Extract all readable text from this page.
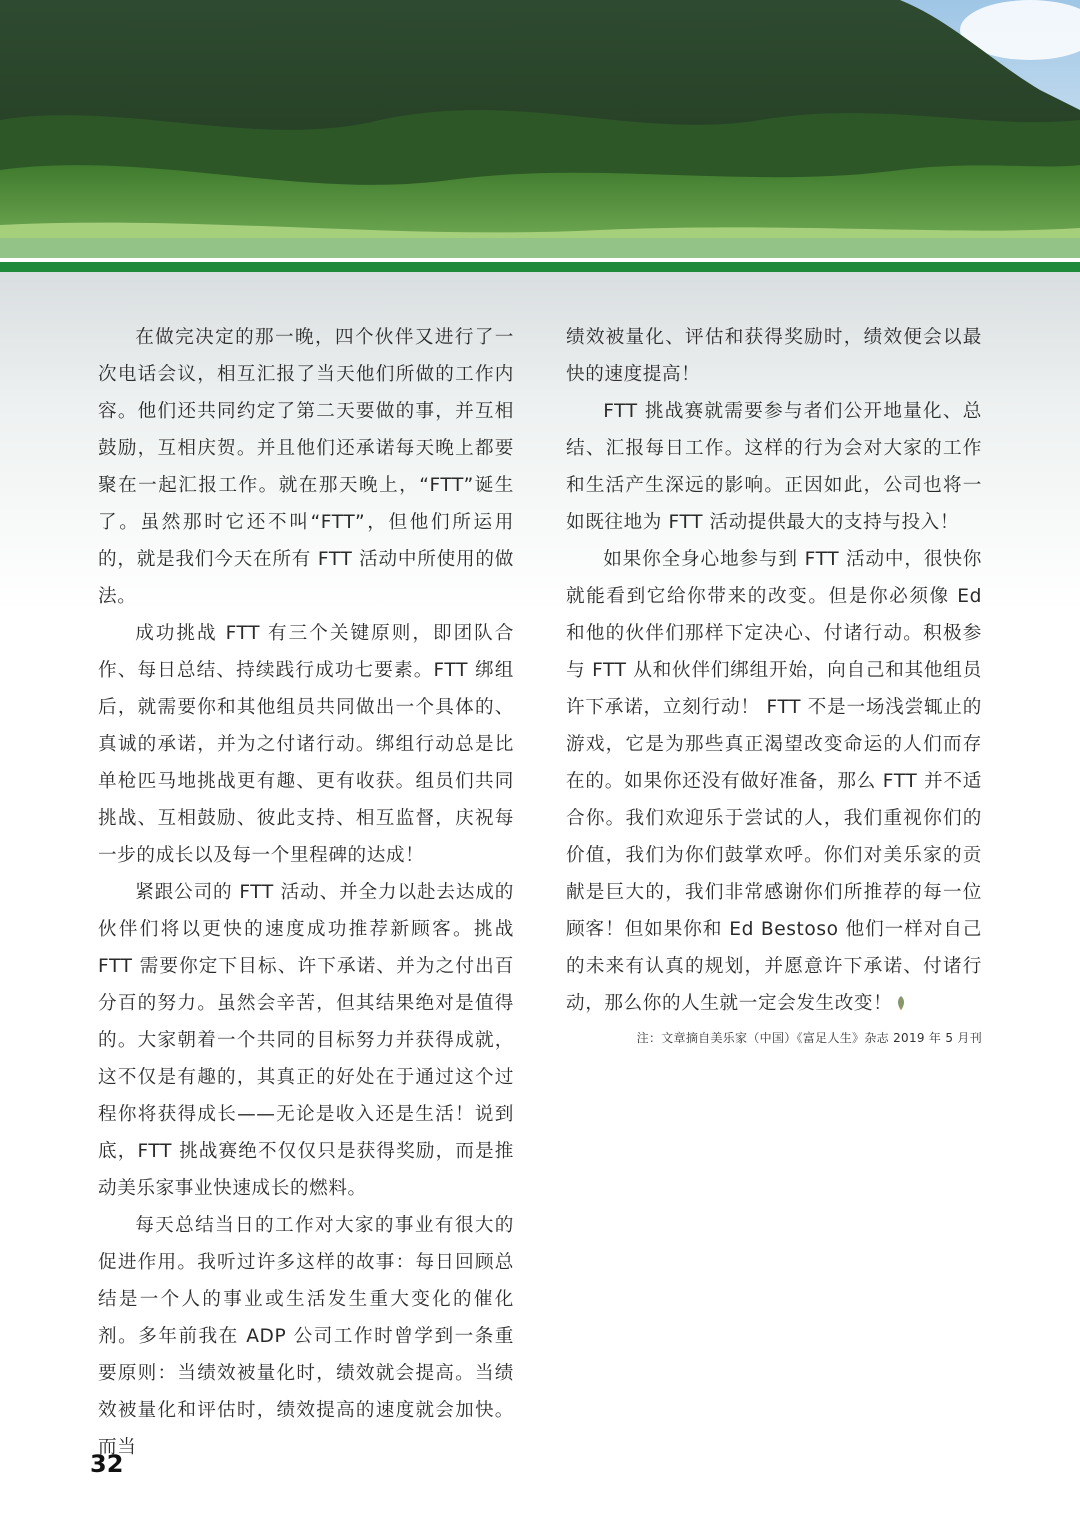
在做完决定的那一晚，四个伙伴又进行了一次电话会议，相互汇报了当天他们所做的工作内容。他们还共同约定了第二天要做的事，并互相鼓励，互相庆贺。并且他们还承诺每天晚上都要聚在一起汇报工作。就在那天晚上，“FTT”诞生了。虽然那时它还不叫“FTT”，但他们所运用的，就是我们今天在所有 FTT 活动中所使用的做法。

成功挑战 FTT 有三个关键原则，即团队合作、每日总结、持续践行成功七要素。FTT 绑组后，就需要你和其他组员共同做出一个具体的、真诚的承诺，并为之付诸行动。绑组行动总是比单枪匹马地挑战更有趣、更有收获。组员们共同挑战、互相鼓励、彼此支持、相互监督，庆祝每一步的成长以及每一个里程碑的达成！

紧跟公司的 FTT 活动、并全力以赴去达成的伙伴们将以更快的速度成功推荐新顾客。挑战 FTT 需要你定下目标、许下承诺、并为之付出百分百的努力。虽然会辛苦，但其结果绝对是值得的。大家朝着一个共同的目标努力并获得成就，这不仅是有趣的，其真正的好处在于通过这个过程你将获得成长——无论是收入还是生活！说到底，FTT 挑战赛绝不仅仅只是获得奖励，而是推动美乐家事业快速成长的燃料。

每天总结当日的工作对大家的事业有很大的促进作用。我听过许多这样的故事：每日回顾总结是一个人的事业或生活发生重大变化的催化剂。多年前我在 ADP 公司工作时曾学到一条重要原则：当绩效被量化时，绩效就会提高。当绩效被量化和评估时，绩效提高的速度就会加快。而当

绩效被量化、评估和获得奖励时，绩效便会以最快的速度提高！

FTT 挑战赛就需要参与者们公开地量化、总结、汇报每日工作。这样的行为会对大家的工作和生活产生深远的影响。正因如此，公司也将一如既往地为 FTT 活动提供最大的支持与投入！

如果你全身心地参与到 FTT 活动中，很快你就能看到它给你带来的改变。但是你必须像 Ed 和他的伙伴们那样下定决心、付诸行动。积极参与 FTT 从和伙伴们绑组开始，向自己和其他组员许下承诺，立刻行动！ FTT 不是一场浅尝辄止的游戏，它是为那些真正渴望改变命运的人们而存在的。如果你还没有做好准备，那么 FTT 并不适合你。我们欢迎乐于尝试的人，我们重视你们的价值，我们为你们鼓掌欢呼。你们对美乐家的贡献是巨大的，我们非常感谢你们所推荐的每一位顾客！但如果你和 Ed Bestoso 他们一样对自己的未来有认真的规划，并愿意许下承诺、付诸行动，那么你的人生就一定会发生改变！

注：文章摘自美乐家（中国）《富足人生》杂志 2019 年 5 月刊
32
